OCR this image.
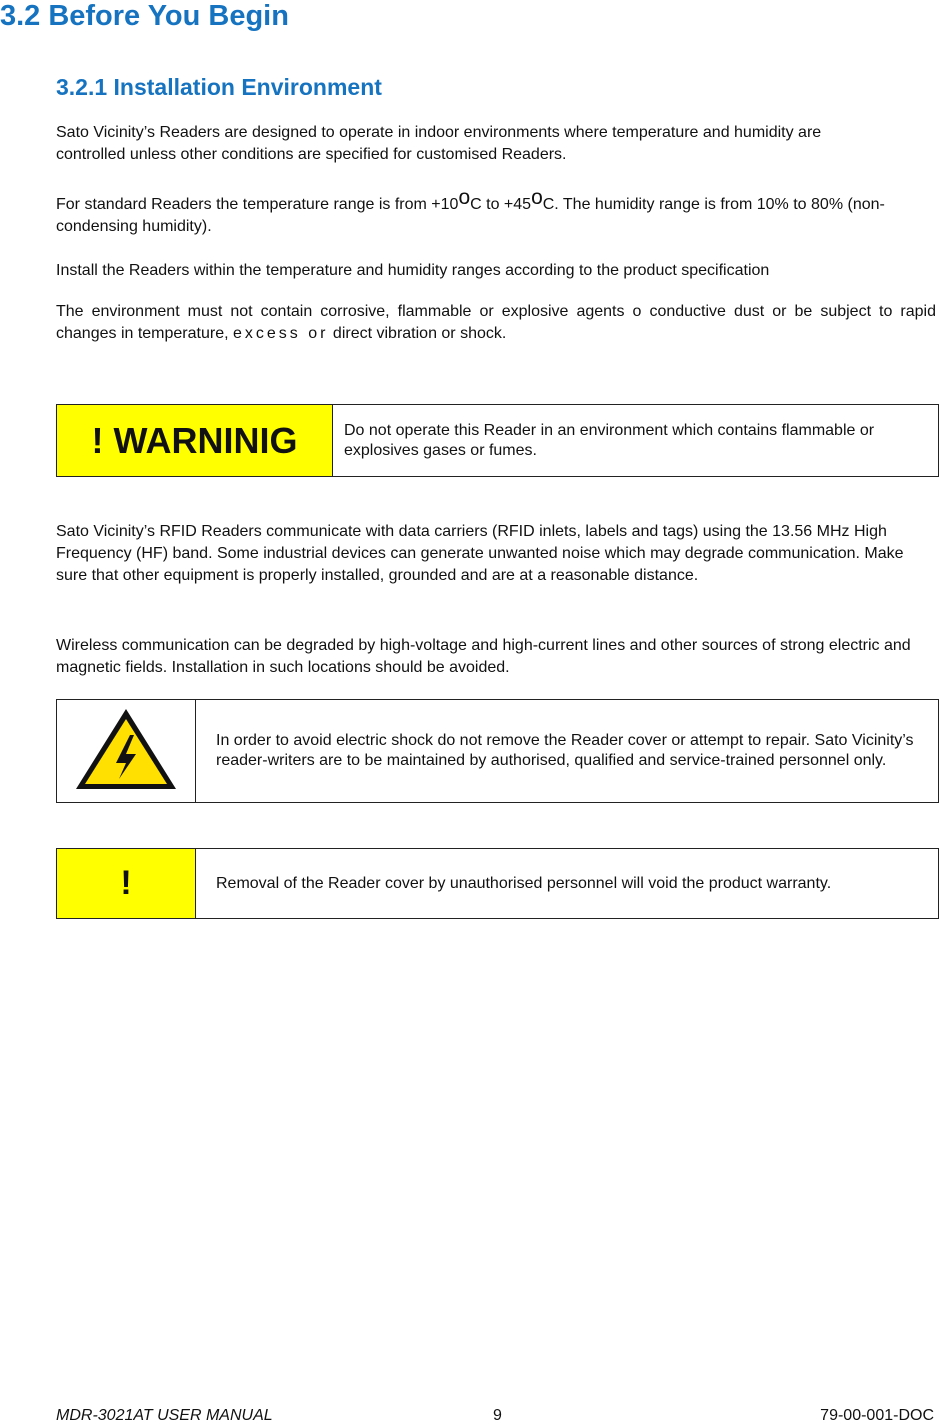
3.2 Before You Begin
3.2.1 Installation Environment

Sato Vicinity’s Readers are designed to operate in indoor environments where temperature and humidity are controlled unless other conditions are specified for customised Readers.

For standard Readers the temperature range is from +10oC to +45oC. The humidity range is from 10% to 80% (non-condensing humidity).

Install the Readers within the temperature and humidity ranges according to the product specification

The environment must not contain corrosive, flammable or explosive agents o conductive dust or be subject to rapid changes in temperature, excess or direct vibration or shock.

! WARNINIG	Do not operate this Reader in an environment which contains flammable or explosives gases or fumes.

Sato Vicinity’s RFID Readers communicate with data carriers (RFID inlets, labels and tags) using the 13.56 MHz High Frequency (HF) band. Some industrial devices can generate unwanted noise which may degrade communication. Make sure that other equipment is properly installed, grounded and are at a reasonable distance.

Wireless communication can be degraded by high-voltage and high-current lines and other sources of strong electric and magnetic fields. Installation in such locations should be avoided.

	In order to avoid electric shock do not remove the Reader cover or attempt to repair. Sato Vicinity’s reader-writers are to be maintained by authorised, qualified and service-trained personnel only.
!	Removal of the Reader cover by unauthorised personnel will void the product warranty.
MDR-3021AT USER MANUAL	9	79-00-001-DOC
